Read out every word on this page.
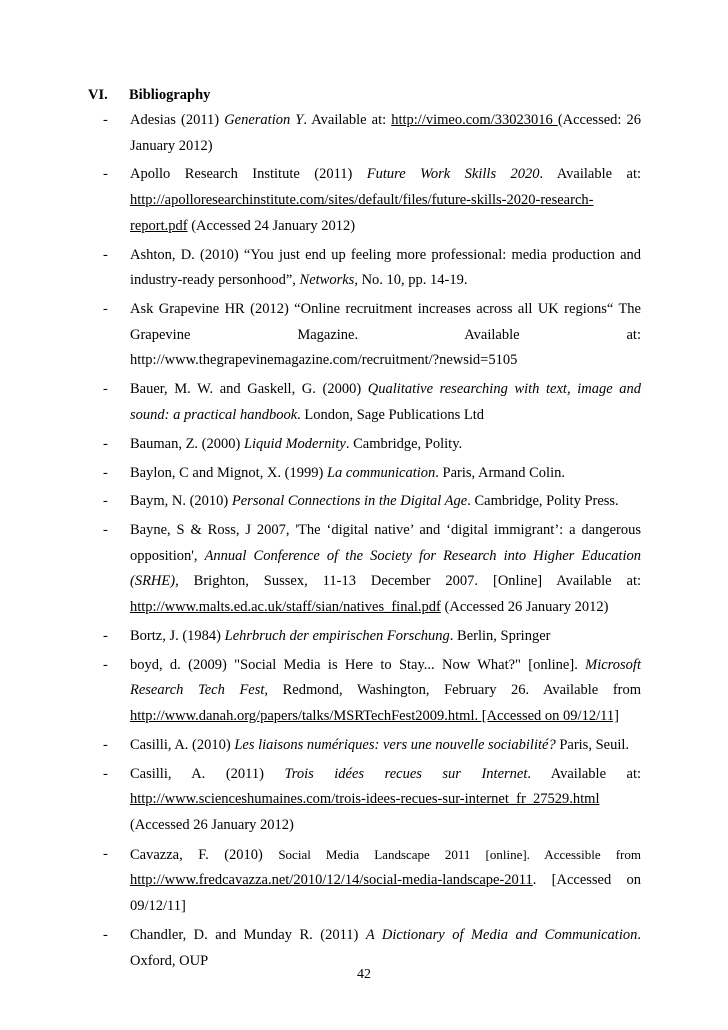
VI. Bibliography
- Adesias (2011) Generation Y. Available at: http://vimeo.com/33023016 (Accessed: 26 January 2012)
- Apollo Research Institute (2011) Future Work Skills 2020. Available at: http://apolloresearchinstitute.com/sites/default/files/future-skills-2020-research-report.pdf (Accessed 24 January 2012)
- Ashton, D. (2010) “You just end up feeling more professional: media production and industry-ready personhood”, Networks, No. 10, pp. 14-19.
- Ask Grapevine HR (2012) “Online recruitment increases across all UK regions“ The Grapevine Magazine. Available at: http://www.thegrapevinemagazine.com/recruitment/?newsid=5105
- Bauer, M. W. and Gaskell, G. (2000) Qualitative researching with text, image and sound: a practical handbook. London, Sage Publications Ltd
- Bauman, Z. (2000) Liquid Modernity. Cambridge, Polity.
- Baylon, C and Mignot, X. (1999) La communication. Paris, Armand Colin.
- Baym, N. (2010) Personal Connections in the Digital Age. Cambridge, Polity Press.
- Bayne, S & Ross, J 2007, 'The ‘digital native’ and ‘digital immigrant’: a dangerous opposition', Annual Conference of the Society for Research into Higher Education (SRHE), Brighton, Sussex, 11-13 December 2007. [Online] Available at: http://www.malts.ed.ac.uk/staff/sian/natives_final.pdf (Accessed 26 January 2012)
- Bortz, J. (1984) Lehrbruch der empirischen Forschung. Berlin, Springer
- boyd, d. (2009) "Social Media is Here to Stay... Now What?" [online]. Microsoft Research Tech Fest, Redmond, Washington, February 26. Available from http://www.danah.org/papers/talks/MSRTechFest2009.html. [Accessed on 09/12/11]
- Casilli, A. (2010) Les liaisons numériques: vers une nouvelle sociabilité? Paris, Seuil.
- Casilli, A. (2011) Trois idées recues sur Internet. Available at: http://www.scienceshumaines.com/trois-idees-recues-sur-internet_fr_27529.html (Accessed 26 January 2012)
- Cavazza, F. (2010) Social Media Landscape 2011 [online]. Accessible from http://www.fredcavazza.net/2010/12/14/social-media-landscape-2011. [Accessed on 09/12/11]
- Chandler, D. and Munday R. (2011) A Dictionary of Media and Communication. Oxford, OUP
42
